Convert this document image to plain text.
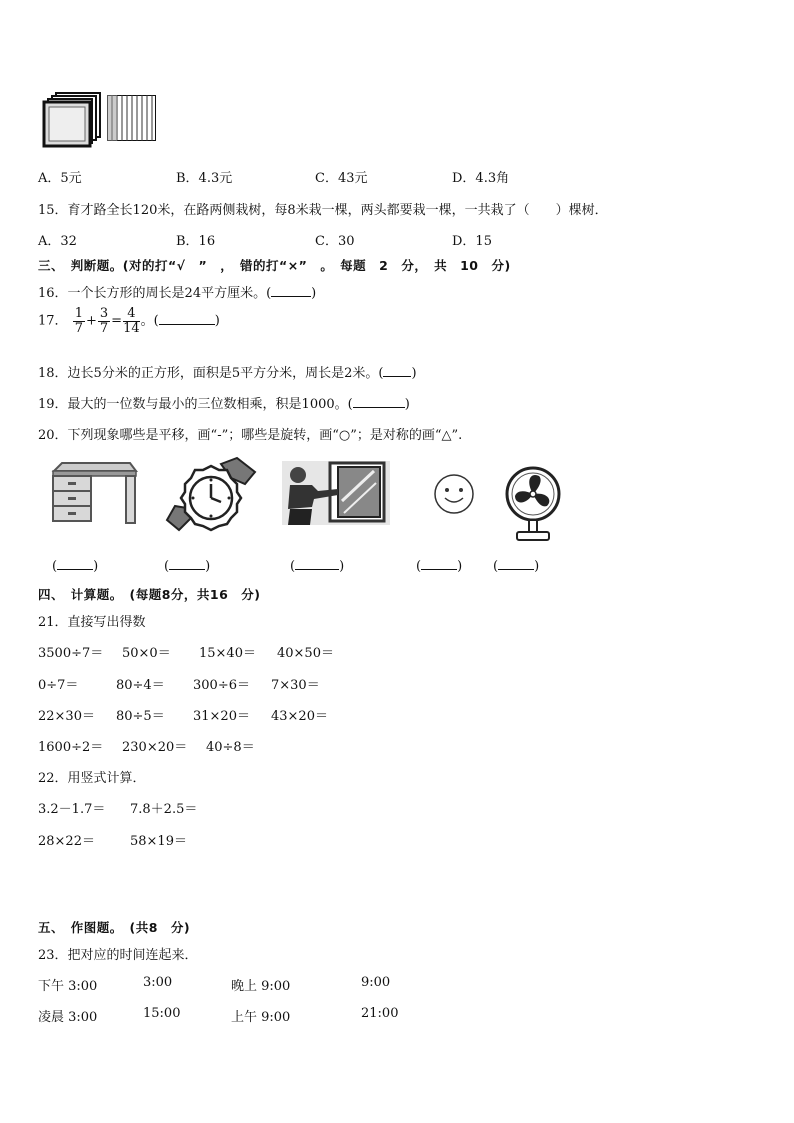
A．5元	B．4.3元	C．43元	D．4.3角
15．育才路全长120米，在路两侧栽树，每8米栽一棵，两头都要栽一棵，一共栽了（　　）棵树．
A．32	B．16	C．30	D．15
三、　判断题。(对的打“√　”　，　错的打“×”　。　每题　2　分，　共　10　分)
16．一个长方形的周长是24平方厘米。(	)
17． $\frac{1}{7} + \frac{3}{7} = \frac{4}{14}$ 。(	)
18．边长5分米的正方形，面积是5平方分米，周长是2米。( )
19．最大的一位数与最小的三位数相乘，积是1000。(	)
20．下列现象哪些是平移，画“-”；哪些是旋转，画“○”；是对称的画“△”.
(	)	(	)	(	)	(	) (	)
四、　计算题。　(每题8分，共16　分)
21．直接写出得数
3500÷7＝ 50×0＝ 15×40＝ 40×50＝
0÷7＝	80÷4＝ 300÷6＝ 7×30＝
22×30＝ 80÷5＝ 31×20＝ 43×20＝
1600÷2＝ 230×20＝ 40÷8＝
22．用竖式计算．
3.2－1.7＝ 7.8＋2.5＝
28×22＝	58×19＝
五、　作图题。　(共8　分)
23．把对应的时间连起来．
下午 3:00	3:00	晚上 9:00	9:00
凌晨 3:00	15:00	上午 9:00	21:00
